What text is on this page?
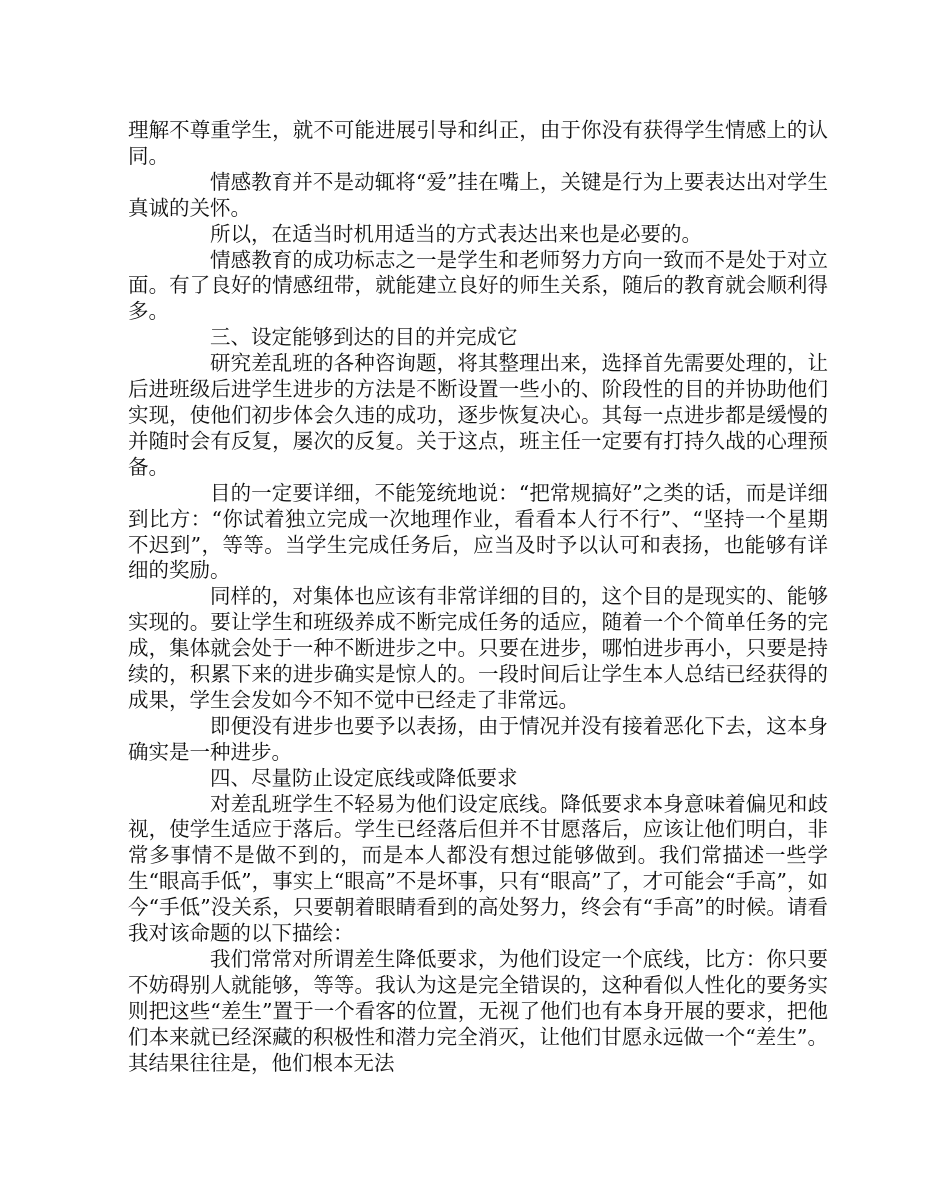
理解不尊重学生，就不可能进展引导和纠正，由于你没有获得学生情感上的认同。

情感教育并不是动辄将“爱”挂在嘴上，关键是行为上要表达出对学生真诚的关怀。

所以，在适当时机用适当的方式表达出来也是必要的。

情感教育的成功标志之一是学生和老师努力方向一致而不是处于对立面。有了良好的情感纽带，就能建立良好的师生关系，随后的教育就会顺利得多。

三、设定能够到达的目的并完成它

研究差乱班的各种咨询题，将其整理出来，选择首先需要处理的，让后进班级后进学生进步的方法是不断设置一些小的、阶段性的目的并协助他们实现，使他们初步体会久违的成功，逐步恢复决心。其每一点进步都是缓慢的并随时会有反复，屡次的反复。关于这点，班主任一定要有打持久战的心理预备。

目的一定要详细，不能笼统地说：“把常规搞好”之类的话，而是详细到比方：“你试着独立完成一次地理作业，看看本人行不行”、“坚持一个星期不迟到”，等等。当学生完成任务后，应当及时予以认可和表扬，也能够有详细的奖励。

同样的，对集体也应该有非常详细的目的，这个目的是现实的、能够实现的。要让学生和班级养成不断完成任务的适应，随着一个个简单任务的完成，集体就会处于一种不断进步之中。只要在进步，哪怕进步再小，只要是持续的，积累下来的进步确实是惊人的。一段时间后让学生本人总结已经获得的成果，学生会发如今不知不觉中已经走了非常远。

即便没有进步也要予以表扬，由于情况并没有接着恶化下去，这本身确实是一种进步。

四、尽量防止设定底线或降低要求

对差乱班学生不轻易为他们设定底线。降低要求本身意味着偏见和歧视，使学生适应于落后。学生已经落后但并不甘愿落后，应该让他们明白，非常多事情不是做不到的，而是本人都没有想过能够做到。我们常描述一些学生“眼高手低”，事实上“眼高”不是坏事，只有“眼高”了，才可能会“手高”，如今“手低”没关系，只要朝着眼睛看到的高处努力，终会有“手高”的时候。请看我对该命题的以下描绘：

我们常常对所谓差生降低要求，为他们设定一个底线，比方：你只要不妨碍别人就能够，等等。我认为这是完全错误的，这种看似人性化的要务实则把这些“差生”置于一个看客的位置，无视了他们也有本身开展的要求，把他们本来就已经深藏的积极性和潜力完全消灭，让他们甘愿永远做一个“差生”。其结果往往是，他们根本无法
